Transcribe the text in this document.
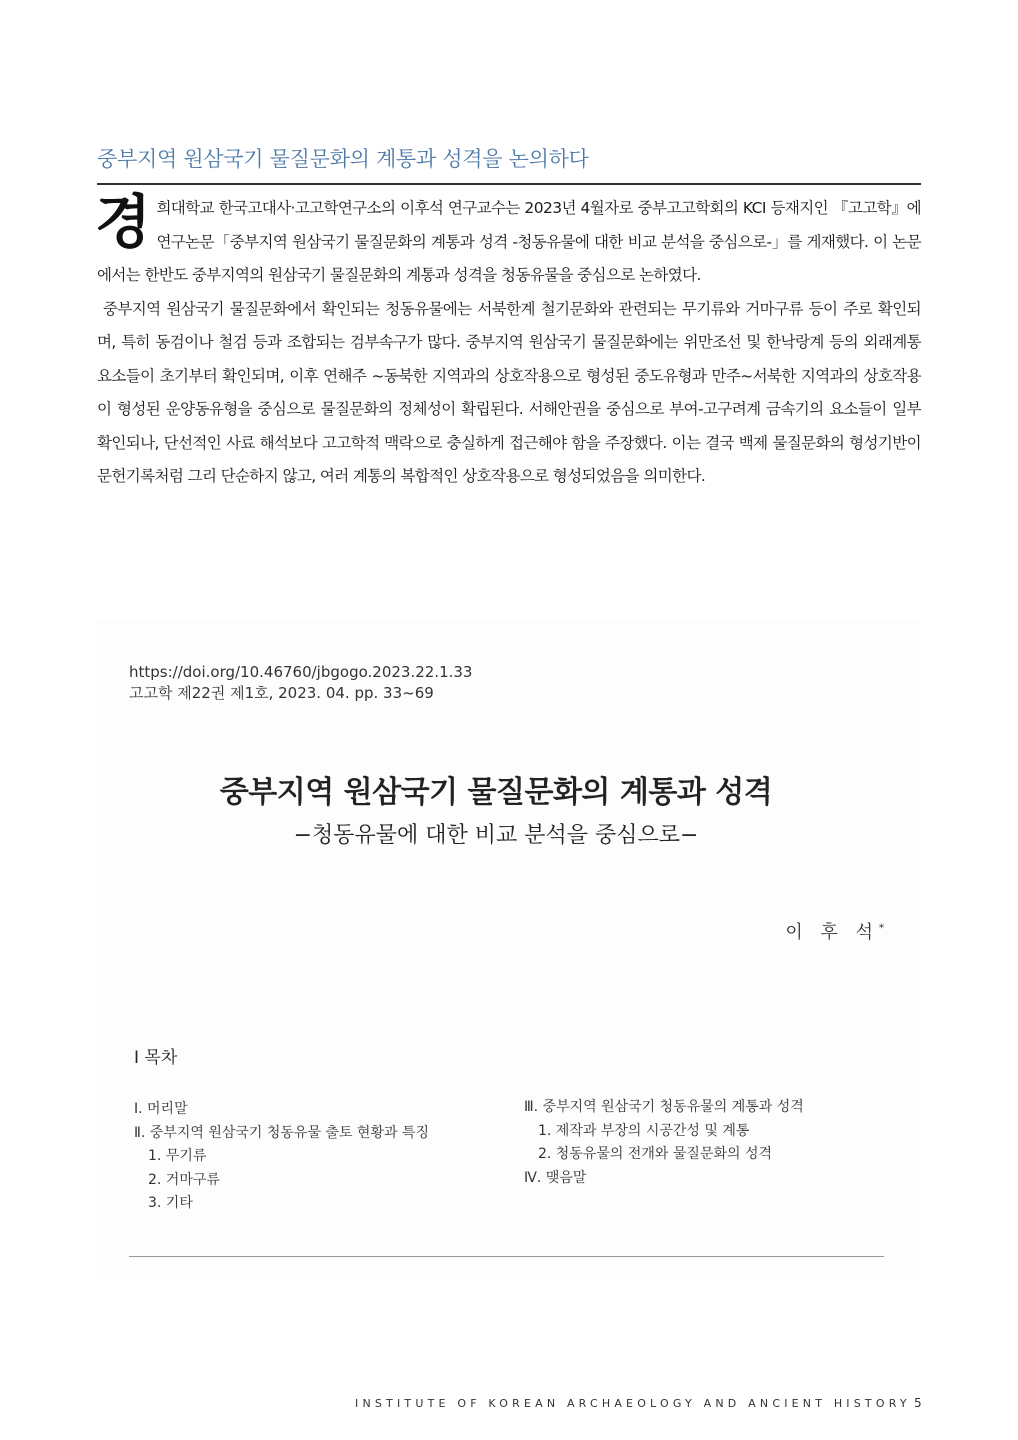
중부지역 원삼국기 물질문화의 계통과 성격을 논의하다

경희대학교 한국고대사·고고학연구소의 이후석 연구교수는 2023년 4월자로 중부고고학회의 KCI 등재지인 『고고학』에 연구논문「중부지역 원삼국기 물질문화의 계통과 성격 -청동유물에 대한 비교 분석을 중심으로-」를 게재했다. 이 논문에서는 한반도 중부지역의 원삼국기 물질문화의 계통과 성격을 청동유물을 중심으로 논하였다.

중부지역 원삼국기 물질문화에서 확인되는 청동유물에는 서북한계 철기문화와 관련되는 무기류와 거마구류 등이 주로 확인되며, 특히 동검이나 철검 등과 조합되는 검부속구가 많다. 중부지역 원삼국기 물질문화에는 위만조선 및 한낙랑계 등의 외래계통 요소들이 초기부터 확인되며, 이후 연해주 ~동북한 지역과의 상호작용으로 형성된 중도유형과 만주~서북한 지역과의 상호작용이 형성된 운양동유형을 중심으로 물질문화의 정체성이 확립된다. 서해안권을 중심으로 부여-고구려계 금속기의 요소들이 일부 확인되나, 단선적인 사료 해석보다 고고학적 맥락으로 충실하게 접근해야 함을 주장했다. 이는 결국 백제 물질문화의 형성기반이 문헌기록처럼 그리 단순하지 않고, 여러 계통의 복합적인 상호작용으로 형성되었음을 의미한다.

https://doi.org/10.46760/jbgogo.2023.22.1.33
고고학 제22권 제1호, 2023. 04. pp. 33~69
중부지역 원삼국기 물질문화의 계통과 성격
−청동유물에 대한 비교 분석을 중심으로−
이 후 석*
Ⅰ 목차
Ⅰ. 머리말
Ⅱ. 중부지역 원삼국기 청동유물 출토 현황과 특징
1. 무기류
2. 거마구류
3. 기타
Ⅲ. 중부지역 원삼국기 청동유물의 계통과 성격
1. 제작과 부장의 시공간성 및 계통
2. 청동유물의 전개와 물질문화의 성격
Ⅳ. 맺음말
INSTITUTE OF KOREAN ARCHAEOLOGY AND ANCIENT HISTORY 5
